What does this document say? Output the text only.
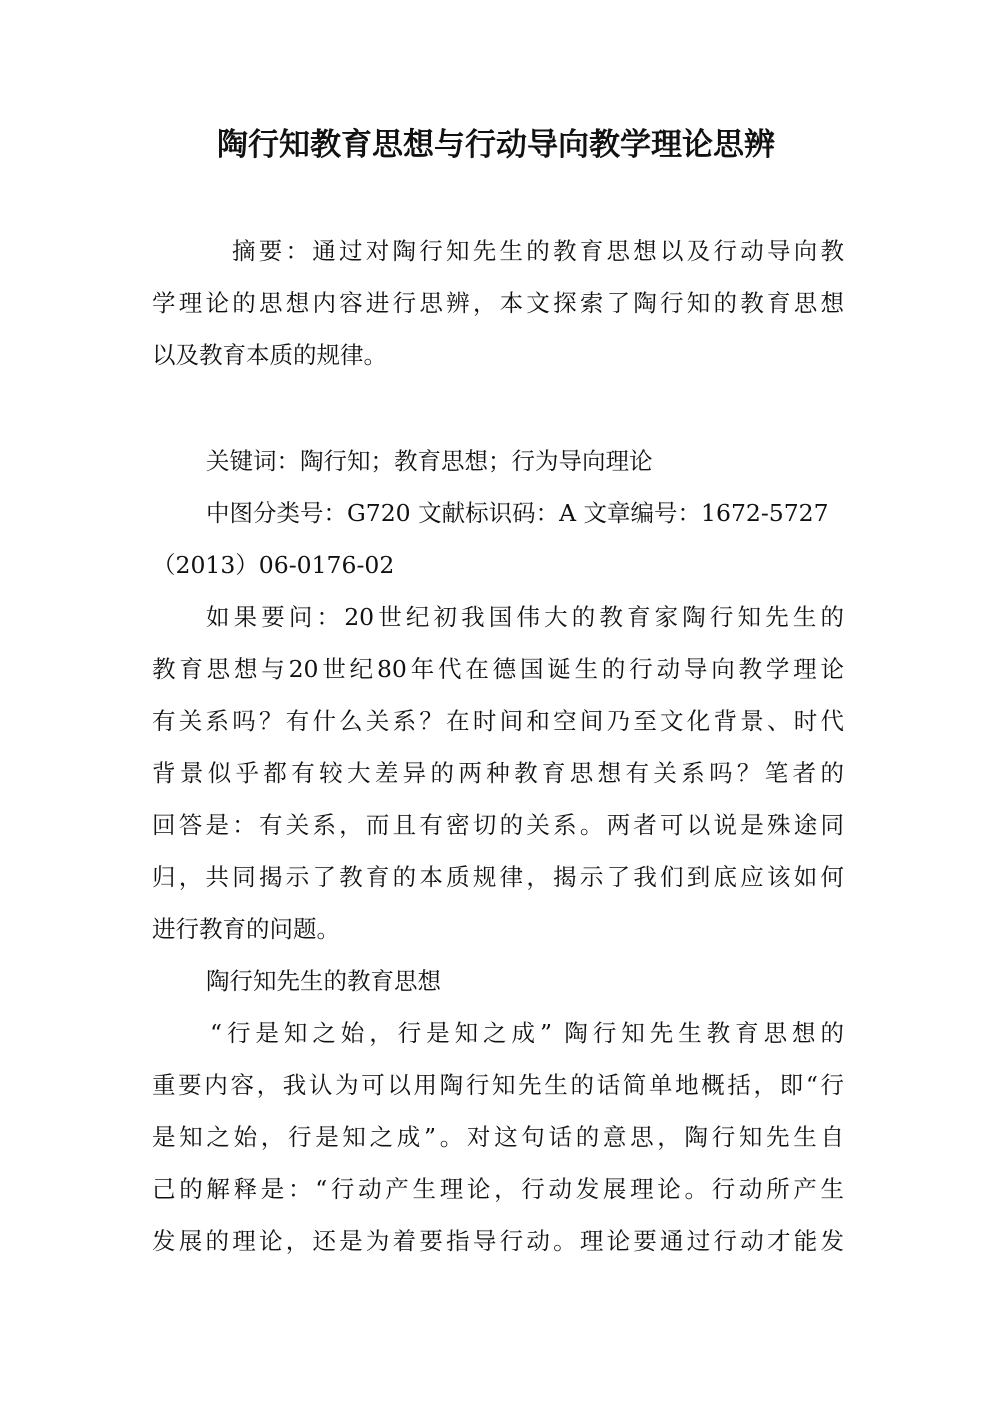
陶行知教育思想与行动导向教学理论思辨
摘要：通过对陶行知先生的教育思想以及行动导向教
学理论的思想内容进行思辨，本文探索了陶行知的教育思想
以及教育本质的规律。
关键词：陶行知；教育思想；行为导向理论
中图分类号：G720 文献标识码：A 文章编号：1672-5727
（2013）06-0176-02
如果要问：20世纪初我国伟大的教育家陶行知先生的
教育思想与20世纪80年代在德国诞生的行动导向教学理论
有关系吗？有什么关系？在时间和空间乃至文化背景、时代
背景似乎都有较大差异的两种教育思想有关系吗？笔者的
回答是：有关系，而且有密切的关系。两者可以说是殊途同
归，共同揭示了教育的本质规律，揭示了我们到底应该如何
进行教育的问题。
陶行知先生的教育思想
“行是知之始，行是知之成” 陶行知先生教育思想的
重要内容，我认为可以用陶行知先生的话简单地概括，即“行
是知之始，行是知之成”。对这句话的意思，陶行知先生自
己的解释是：“行动产生理论，行动发展理论。行动所产生
发展的理论，还是为着要指导行动。理论要通过行动才能发
